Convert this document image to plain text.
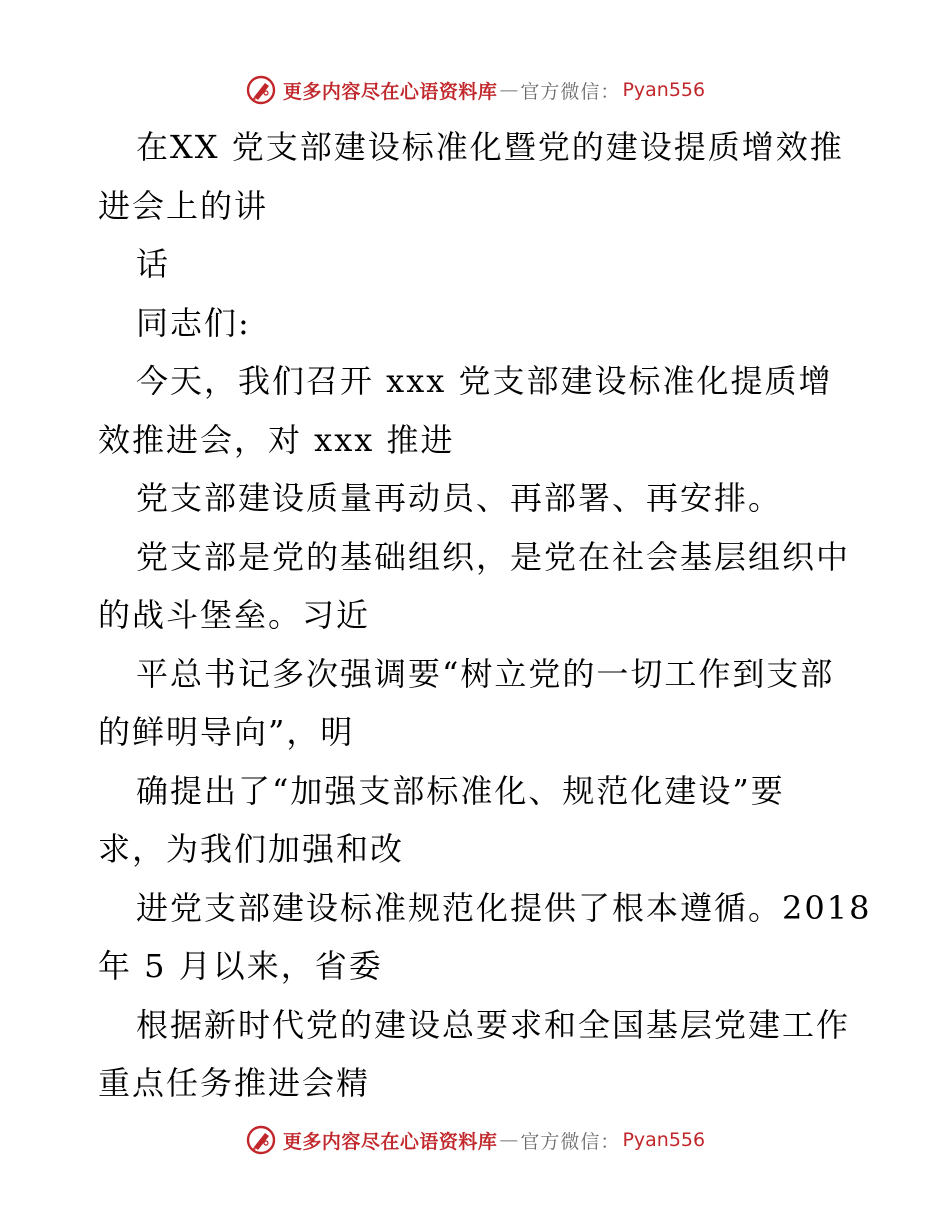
更多内容尽在心语资料库 — 官方微信： Pyan556
在XX 党支部建设标准化暨党的建设提质增效推
进会上的讲
话
同志们:
今天，我们召开 xxx 党支部建设标准化提质增
效推进会，对 xxx 推进
党支部建设质量再动员、再部署、再安排。
党支部是党的基础组织，是党在社会基层组织中
的战斗堡垒。习近
平总书记多次强调要“树立党的一切工作到支部
的鲜明导向”，明
确提出了“加强支部标准化、规范化建设”要
求，为我们加强和改
进党支部建设标准规范化提供了根本遵循。2018
年 5 月以来，省委
根据新时代党的建设总要求和全国基层党建工作
重点任务推进会精
更多内容尽在心语资料库 — 官方微信： Pyan556
